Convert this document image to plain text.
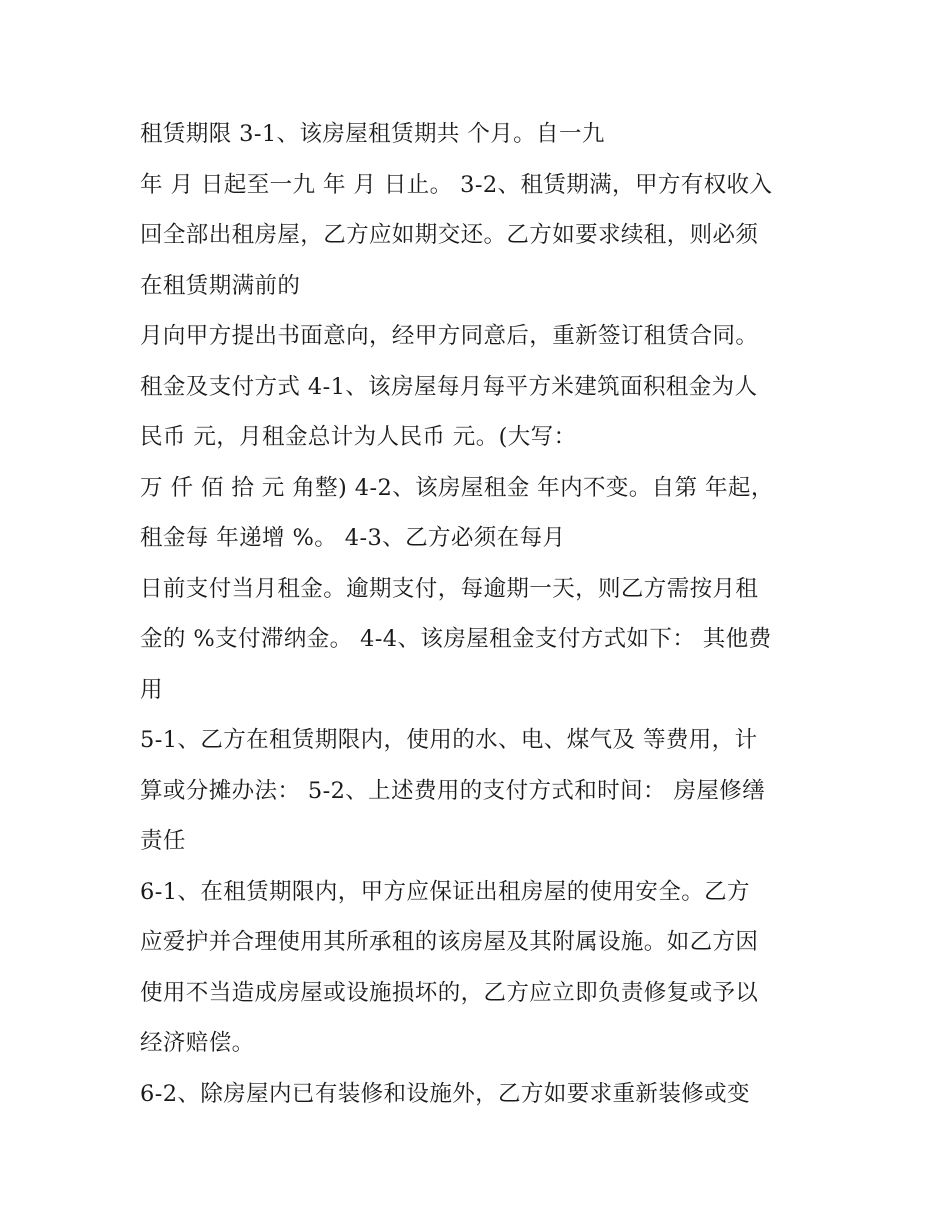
租赁期限 3-1、该房屋租赁期共 个月。自一九
年 月 日起至一九 年 月 日止。 3-2、租赁期满，甲方有权收入
回全部出租房屋，乙方应如期交还。乙方如要求续租，则必须
在租赁期满前的
月向甲方提出书面意向，经甲方同意后，重新签订租赁合同。
租金及支付方式 4-1、该房屋每月每平方米建筑面积租金为人
民币 元，月租金总计为人民币 元。(大写：
万 仟 佰 拾 元 角整) 4-2、该房屋租金 年内不变。自第 年起，
租金每 年递增 %。 4-3、乙方必须在每月
日前支付当月租金。逾期支付，每逾期一天，则乙方需按月租
金的 %支付滞纳金。 4-4、该房屋租金支付方式如下： 其他费
用
5-1、乙方在租赁期限内，使用的水、电、煤气及 等费用，计
算或分摊办法： 5-2、上述费用的支付方式和时间： 房屋修缮
责任
6-1、在租赁期限内，甲方应保证出租房屋的使用安全。乙方
应爱护并合理使用其所承租的该房屋及其附属设施。如乙方因
使用不当造成房屋或设施损坏的，乙方应立即负责修复或予以
经济赔偿。
6-2、除房屋内已有装修和设施外，乙方如要求重新装修或变
